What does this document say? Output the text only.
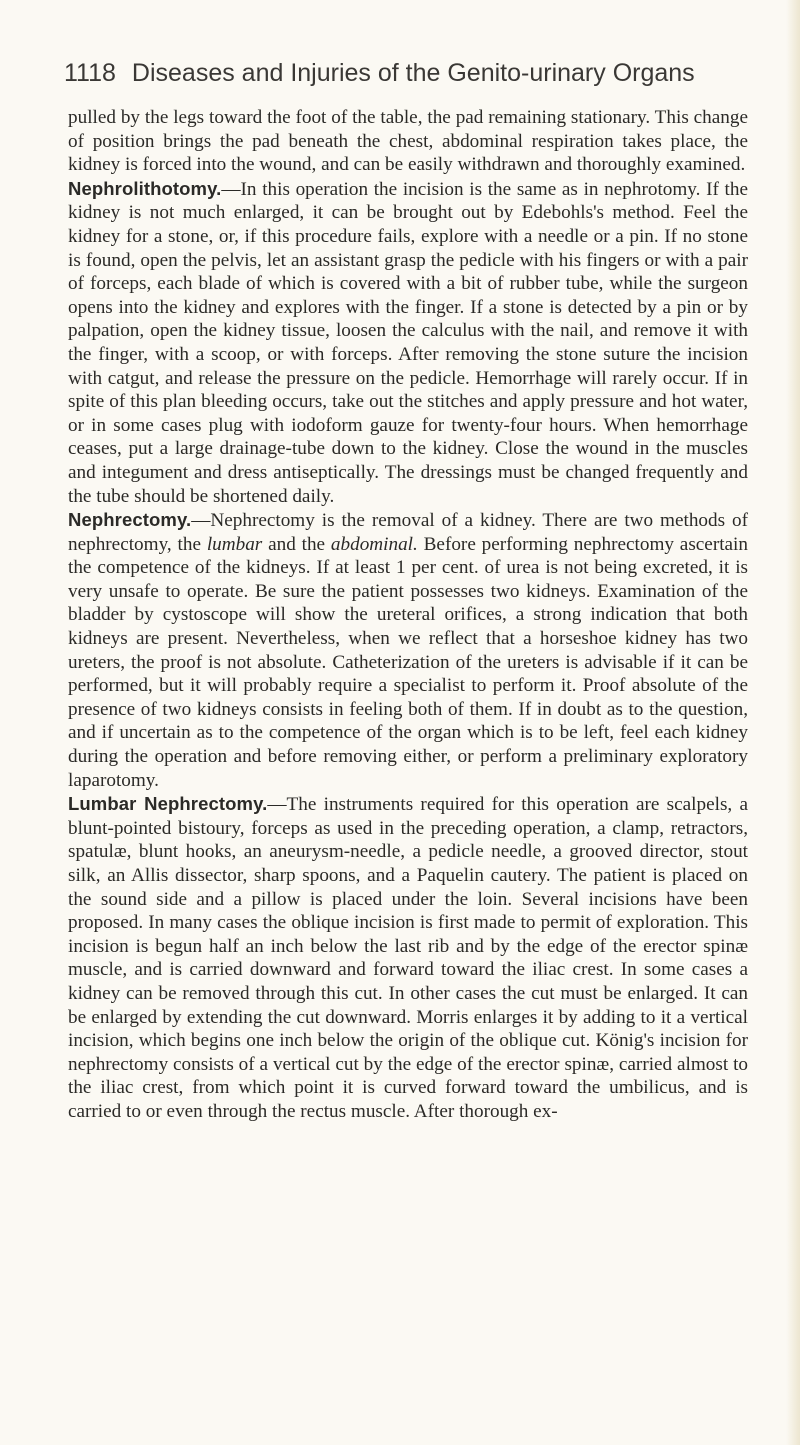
1118 Diseases and Injuries of the Genito-urinary Organs

pulled by the legs toward the foot of the table, the pad remaining stationary. This change of position brings the pad beneath the chest, abdominal respiration takes place, the kidney is forced into the wound, and can be easily withdrawn and thoroughly examined.

Nephrolithotomy.—In this operation the incision is the same as in nephrotomy. If the kidney is not much enlarged, it can be brought out by Edebohls's method. Feel the kidney for a stone, or, if this procedure fails, explore with a needle or a pin. If no stone is found, open the pelvis, let an assistant grasp the pedicle with his fingers or with a pair of forceps, each blade of which is covered with a bit of rubber tube, while the surgeon opens into the kidney and explores with the finger. If a stone is detected by a pin or by palpation, open the kidney tissue, loosen the calculus with the nail, and remove it with the finger, with a scoop, or with forceps. After removing the stone suture the incision with catgut, and release the pressure on the pedicle. Hemorrhage will rarely occur. If in spite of this plan bleeding occurs, take out the stitches and apply pressure and hot water, or in some cases plug with iodoform gauze for twenty-four hours. When hemorrhage ceases, put a large drainage-tube down to the kidney. Close the wound in the muscles and integument and dress antiseptically. The dressings must be changed frequently and the tube should be shortened daily.

Nephrectomy.—Nephrectomy is the removal of a kidney. There are two methods of nephrectomy, the lumbar and the abdominal. Before performing nephrectomy ascertain the competence of the kidneys. If at least 1 per cent. of urea is not being excreted, it is very unsafe to operate. Be sure the patient possesses two kidneys. Examination of the bladder by cystoscope will show the ureteral orifices, a strong indication that both kidneys are present. Nevertheless, when we reflect that a horseshoe kidney has two ureters, the proof is not absolute. Catheterization of the ureters is advisable if it can be performed, but it will probably require a specialist to perform it. Proof absolute of the presence of two kidneys consists in feeling both of them. If in doubt as to the question, and if uncertain as to the competence of the organ which is to be left, feel each kidney during the operation and before removing either, or perform a preliminary exploratory laparotomy.

Lumbar Nephrectomy.—The instruments required for this operation are scalpels, a blunt-pointed bistoury, forceps as used in the preceding operation, a clamp, retractors, spatulæ, blunt hooks, an aneurysm-needle, a pedicle needle, a grooved director, stout silk, an Allis dissector, sharp spoons, and a Paquelin cautery. The patient is placed on the sound side and a pillow is placed under the loin. Several incisions have been proposed. In many cases the oblique incision is first made to permit of exploration. This incision is begun half an inch below the last rib and by the edge of the erector spinæ muscle, and is carried downward and forward toward the iliac crest. In some cases a kidney can be removed through this cut. In other cases the cut must be enlarged. It can be enlarged by extending the cut downward. Morris enlarges it by adding to it a vertical incision, which begins one inch below the origin of the oblique cut. König's incision for nephrectomy consists of a vertical cut by the edge of the erector spinæ, carried almost to the iliac crest, from which point it is curved forward toward the umbilicus, and is carried to or even through the rectus muscle. After thorough ex-
